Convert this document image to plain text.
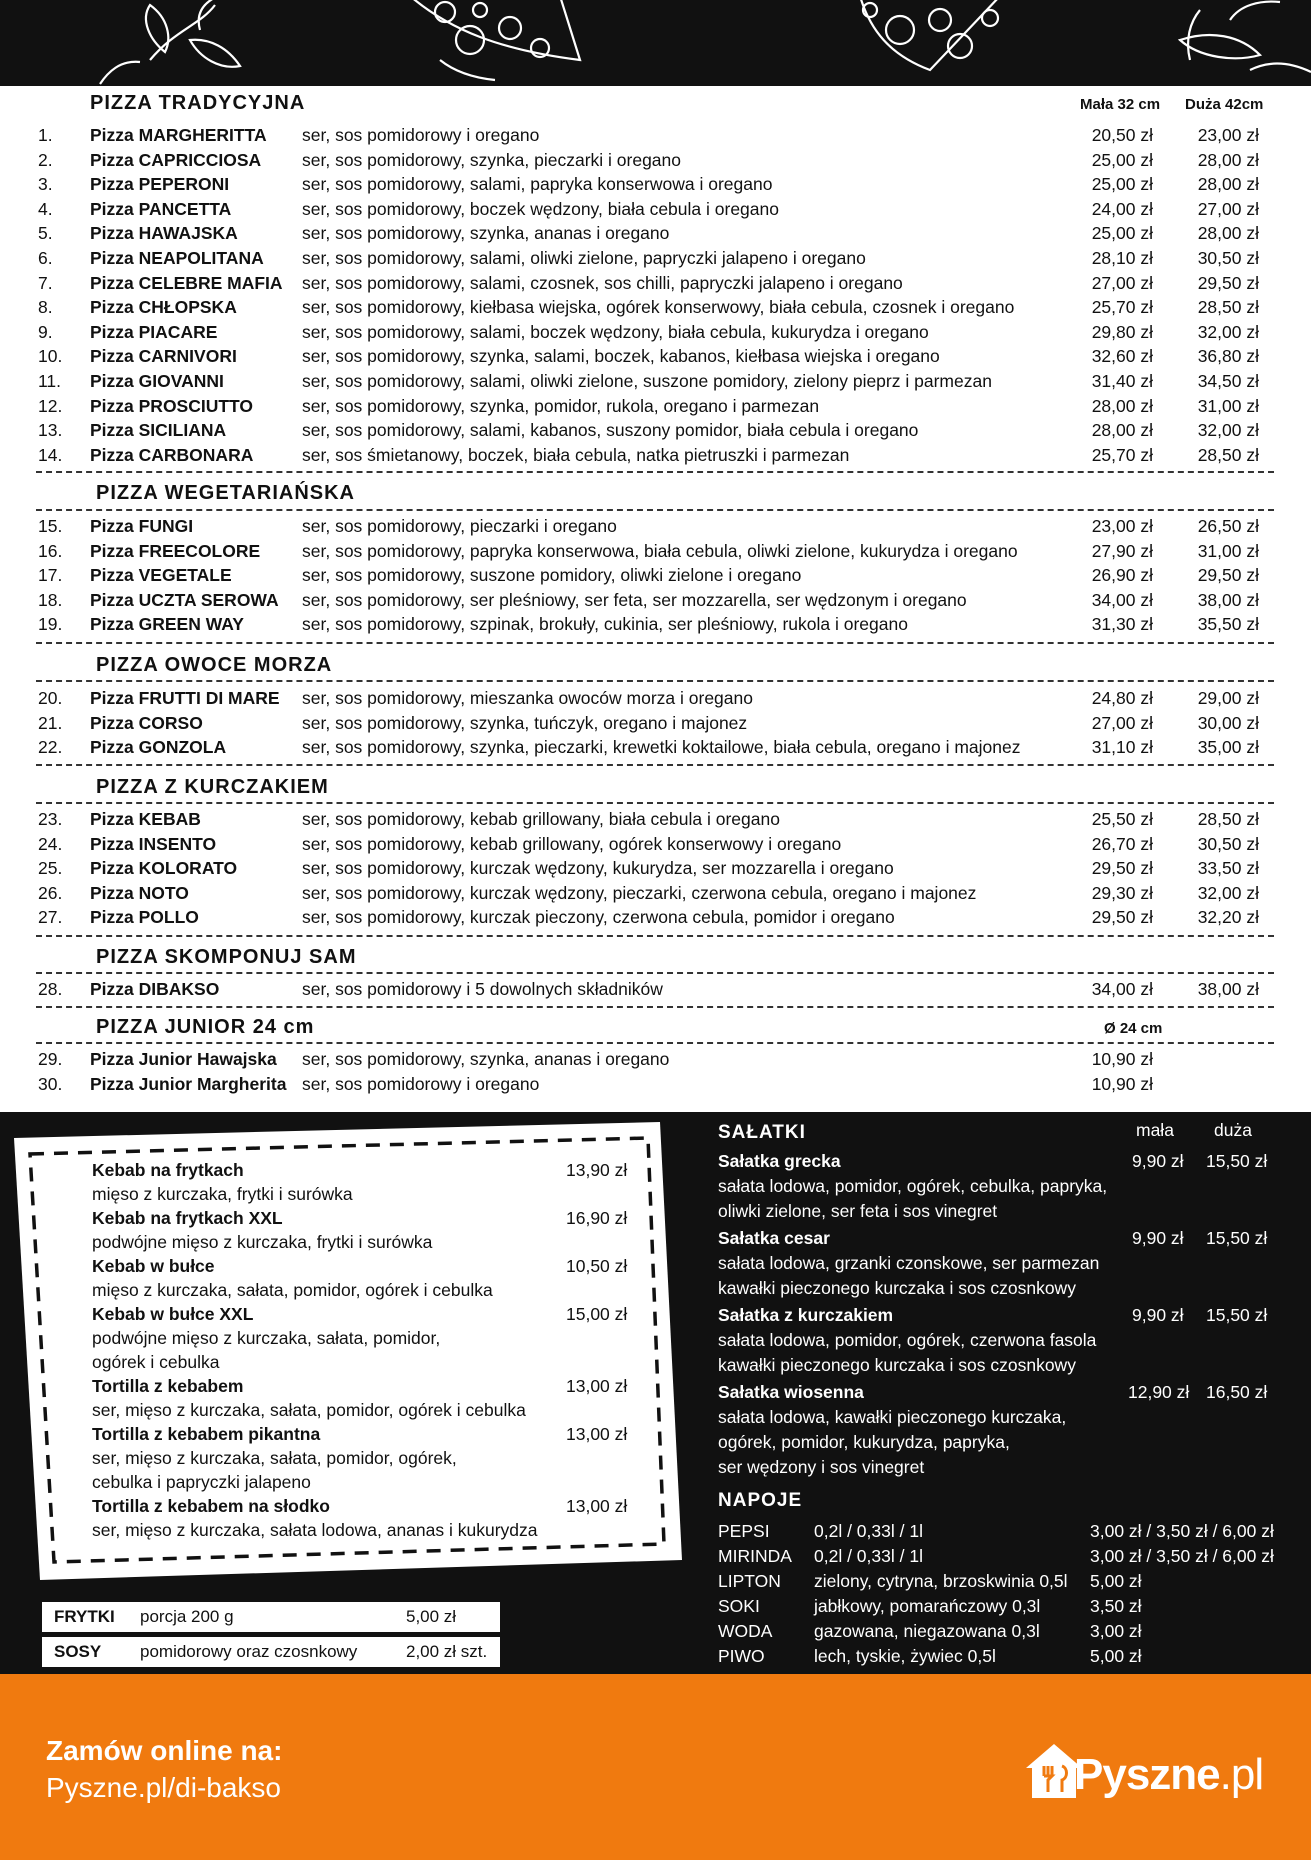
PIZZA TRADYCYJNA	Mała 32 cm Duża 42cm
1. Pizza MARGHERITTA ser, sos pomidorowy i oregano	20,50 zł	23,00 zł
2. Pizza CAPRICCIOSA ser, sos pomidorowy, szynka, pieczarki i oregano	25,00 zł	28,00 zł
3. Pizza PEPERONI	ser, sos pomidorowy, salami, papryka konserwowa i oregano	25,00 zł	28,00 zł
4. Pizza PANCETTA	ser, sos pomidorowy, boczek wędzony, biała cebula i oregano	24,00 zł	27,00 zł
5. Pizza HAWAJSKA	ser, sos pomidorowy, szynka, ananas i oregano	25,00 zł	28,00 zł
6. Pizza NEAPOLITANA ser, sos pomidorowy, salami, oliwki zielone, papryczki jalapeno i oregano	28,10 zł	30,50 zł
7. Pizza CELEBRE MAFIA ser, sos pomidorowy, salami, czosnek, sos chilli, papryczki jalapeno i oregano	27,00 zł	29,50 zł
8. Pizza CHŁOPSKA	ser, sos pomidorowy, kiełbasa wiejska, ogórek konserwowy, biała cebula, czosnek i oregano	25,70 zł	28,50 zł
9. Pizza PIACARE	ser, sos pomidorowy, salami, boczek wędzony, biała cebula, kukurydza i oregano	29,80 zł	32,00 zł
10. Pizza CARNIVORI	ser, sos pomidorowy, szynka, salami, boczek, kabanos, kiełbasa wiejska i oregano	32,60 zł	36,80 zł
11. Pizza GIOVANNI	ser, sos pomidorowy, salami, oliwki zielone, suszone pomidory, zielony pieprz i parmezan	31,40 zł	34,50 zł
12. Pizza PROSCIUTTO	ser, sos pomidorowy, szynka, pomidor, rukola, oregano i parmezan	28,00 zł	31,00 zł
13. Pizza SICILIANA	ser, sos pomidorowy, salami, kabanos, suszony pomidor, biała cebula i oregano	28,00 zł	32,00 zł
14. Pizza CARBONARA	ser, sos śmietanowy, boczek, biała cebula, natka pietruszki i parmezan	25,70 zł	28,50 zł
PIZZA WEGETARIAŃSKA
15. Pizza FUNGI	ser, sos pomidorowy, pieczarki i oregano	23,00 zł	26,50 zł
16. Pizza FREECOLORE ser, sos pomidorowy, papryka konserwowa, biała cebula, oliwki zielone, kukurydza i oregano	27,90 zł	31,00 zł
17. Pizza VEGETALE	ser, sos pomidorowy, suszone pomidory, oliwki zielone i oregano	26,90 zł	29,50 zł
18. Pizza UCZTA SEROWA ser, sos pomidorowy, ser pleśniowy, ser feta, ser mozzarella, ser wędzonym i oregano	34,00 zł	38,00 zł
19. Pizza GREEN WAY	ser, sos pomidorowy, szpinak, brokuły, cukinia, ser pleśniowy, rukola i oregano	31,30 zł	35,50 zł
PIZZA OWOCE MORZA
20. Pizza FRUTTI DI MARE ser, sos pomidorowy, mieszanka owoców morza i oregano	24,80 zł	29,00 zł
21. Pizza CORSO	ser, sos pomidorowy, szynka, tuńczyk, oregano i majonez	27,00 zł	30,00 zł
22. Pizza GONZOLA	ser, sos pomidorowy, szynka, pieczarki, krewetki koktailowe, biała cebula, oregano i majonez	31,10 zł	35,00 zł
PIZZA Z KURCZAKIEM
23. Pizza KEBAB	ser, sos pomidorowy, kebab grillowany, biała cebula i oregano	25,50 zł	28,50 zł
24. Pizza INSENTO	ser, sos pomidorowy, kebab grillowany, ogórek konserwowy i oregano	26,70 zł	30,50 zł
25. Pizza KOLORATO	ser, sos pomidorowy, kurczak wędzony, kukurydza, ser mozzarella i oregano	29,50 zł	33,50 zł
26. Pizza NOTO	ser, sos pomidorowy, kurczak wędzony, pieczarki, czerwona cebula, oregano i majonez	29,30 zł	32,00 zł
27. Pizza POLLO	ser, sos pomidorowy, kurczak pieczony, czerwona cebula, pomidor i oregano	29,50 zł	32,20 zł
PIZZA SKOMPONUJ SAM
28. Pizza DIBAKSO	ser, sos pomidorowy i 5 dowolnych składników	34,00 zł	38,00 zł
PIZZA JUNIOR 24 cm	Ø 24 cm
29. Pizza Junior Hawajska ser, sos pomidorowy, szynka, ananas i oregano	10,90 zł
30. Pizza Junior Margherita ser, sos pomidorowy i oregano	10,90 zł
Kebab na frytkach
mięso z kurczaka, frytki i surówka
13,90 zł
Kebab na frytkach XXL
podwójne mięso z kurczaka, frytki i surówka
16,90 zł
Kebab w bułce
mięso z kurczaka, sałata, pomidor, ogórek i cebulka
10,50 zł
Kebab w bułce XXL
podwójne mięso z kurczaka, sałata, pomidor,
ogórek i cebulka
15,00 zł
Tortilla z kebabem
ser, mięso z kurczaka, sałata, pomidor, ogórek i cebulka
13,00 zł
Tortilla z kebabem pikantna
ser, mięso z kurczaka, sałata, pomidor, ogórek,
cebulka i papryczki jalapeno
13,00 zł
Tortilla z kebabem na słodko
ser, mięso z kurczaka, sałata lodowa, ananas i kukurydza
13,00 zł
FRYTKI porcja 200 g	5,00 zł
SOSY pomidorowy oraz czosnkowy	2,00 zł szt.
SAŁATKI	mała duża
Sałatka grecka
sałata lodowa, pomidor, ogórek, cebulka, papryka,
oliwki zielone, ser feta i sos vinegret
9,90 zł 15,50 zł
Sałatka cesar
sałata lodowa, grzanki czonskowe, ser parmezan
kawałki pieczonego kurczaka i sos czosnkowy
9,90 zł 15,50 zł
Sałatka z kurczakiem
sałata lodowa, pomidor, ogórek, czerwona fasola
kawałki pieczonego kurczaka i sos czosnkowy
9,90 zł 15,50 zł
Sałatka wiosenna
sałata lodowa, kawałki pieczonego kurczaka,
ogórek, pomidor, kukurydza, papryka,
ser wędzony i sos vinegret
12,90 zł 16,50 zł
NAPOJE
PEPSI	0,2l / 0,33l / 1l	3,00 zł / 3,50 zł / 6,00 zł
MIRINDA 0,2l / 0,33l / 1l	3,00 zł / 3,50 zł / 6,00 zł
LIPTON zielony, cytryna, brzoskwinia 0,5l 5,00 zł
SOKI	jabłkowy, pomarańczowy 0,3l	3,50 zł
WODA gazowana, niegazowana 0,3l	3,00 zł
PIWO	lech, tyskie, żywiec 0,5l	5,00 zł
Zamów online na:
Pyszne.pl/di-bakso	Pyszne.pl
